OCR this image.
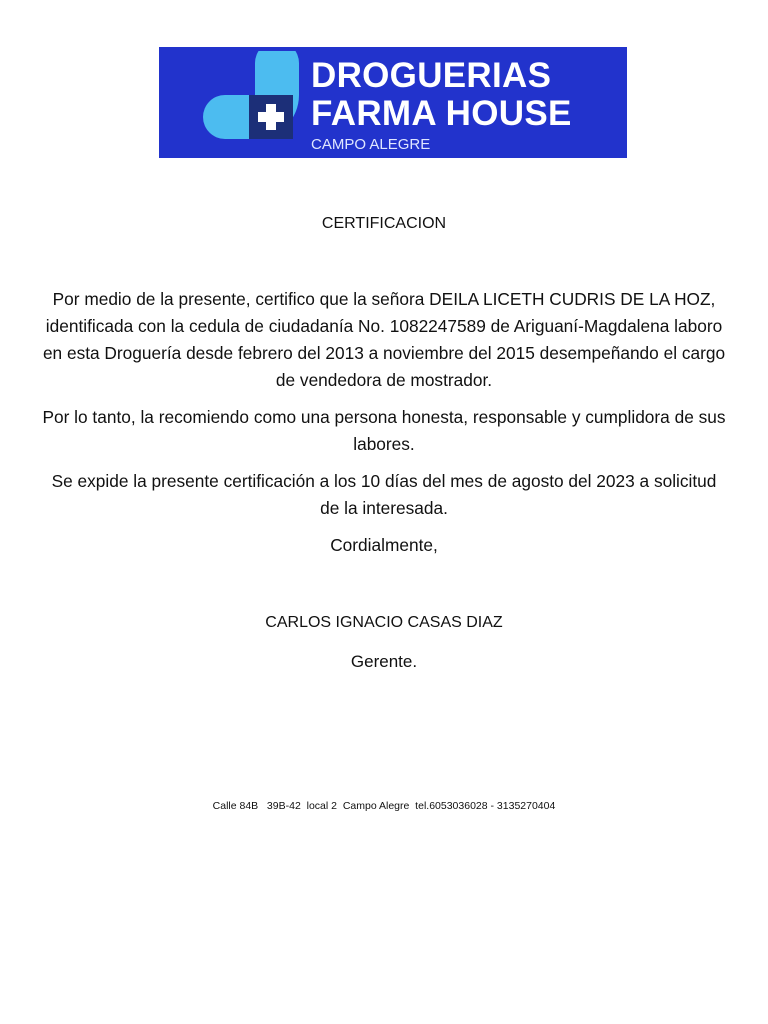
DROGUERIAS
FARMA HOUSE
CAMPO ALEGRE
CERTIFICACION

Por medio de la presente, certifico que la señora DEILA LICETH CUDRIS DE LA HOZ, identificada con la cedula de ciudadanía No. 1082247589 de Ariguaní-Magdalena laboro en esta Droguería desde febrero del 2013 a noviembre del 2015 desempeñando el cargo de vendedora de mostrador.

Por lo tanto, la recomiendo como una persona honesta, responsable y cumplidora de sus labores.

Se expide la presente certificación a los 10 días del mes de agosto del 2023 a solicitud de la interesada.

Cordialmente,

CARLOS IGNACIO CASAS DIAZ
Gerente.
Calle 84B   39B-42  local 2  Campo Alegre  tel.6053036028 - 3135270404
